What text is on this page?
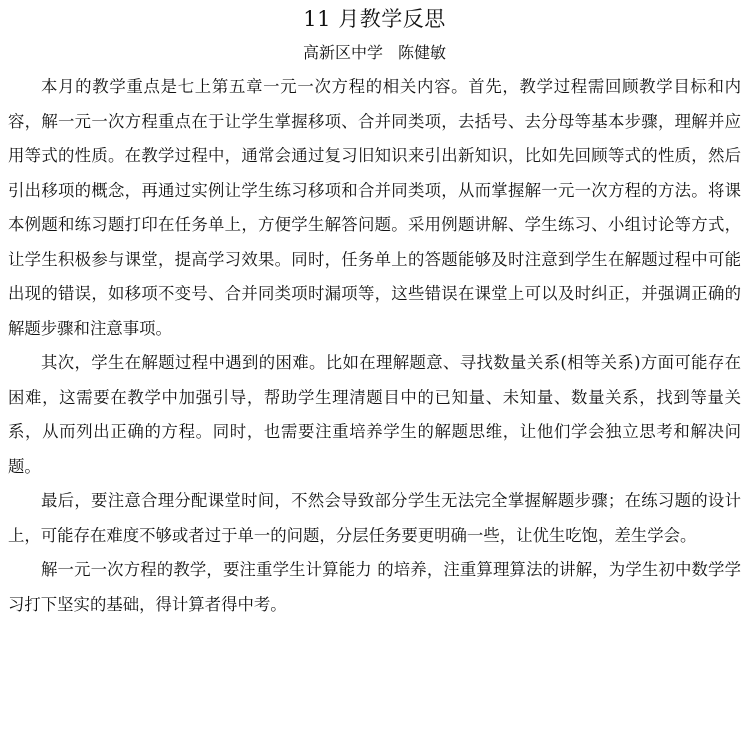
11 月教学反思
高新区中学 陈健敏

本月的教学重点是七上第五章一元一次方程的相关内容。首先，教学过程需回顾教学目标和内容，解一元一次方程重点在于让学生掌握移项、合并同类项，去括号、去分母等基本步骤，理解并应用等式的性质。在教学过程中，通常会通过复习旧知识来引出新知识，比如先回顾等式的性质，然后引出移项的概念，再通过实例让学生练习移项和合并同类项，从而掌握解一元一次方程的方法。将课本例题和练习题打印在任务单上，方便学生解答问题。采用例题讲解、学生练习、小组讨论等方式，让学生积极参与课堂，提高学习效果。同时，任务单上的答题能够及时注意到学生在解题过程中可能出现的错误，如移项不变号、合并同类项时漏项等，这些错误在课堂上可以及时纠正，并强调正确的解题步骤和注意事项。

其次，学生在解题过程中遇到的困难。比如在理解题意、寻找数量关系(相等关系)方面可能存在困难，这需要在教学中加强引导，帮助学生理清题目中的已知量、未知量、数量关系，找到等量关系，从而列出正确的方程。同时，也需要注重培养学生的解题思维，让他们学会独立思考和解决问题。

最后，要注意合理分配课堂时间，不然会导致部分学生无法完全掌握解题步骤；在练习题的设计上，可能存在难度不够或者过于单一的问题，分层任务要更明确一些，让优生吃饱，差生学会。

解一元一次方程的教学，要注重学生计算能力 的培养，注重算理算法的讲解，为学生初中数学学习打下坚实的基础，得计算者得中考。
